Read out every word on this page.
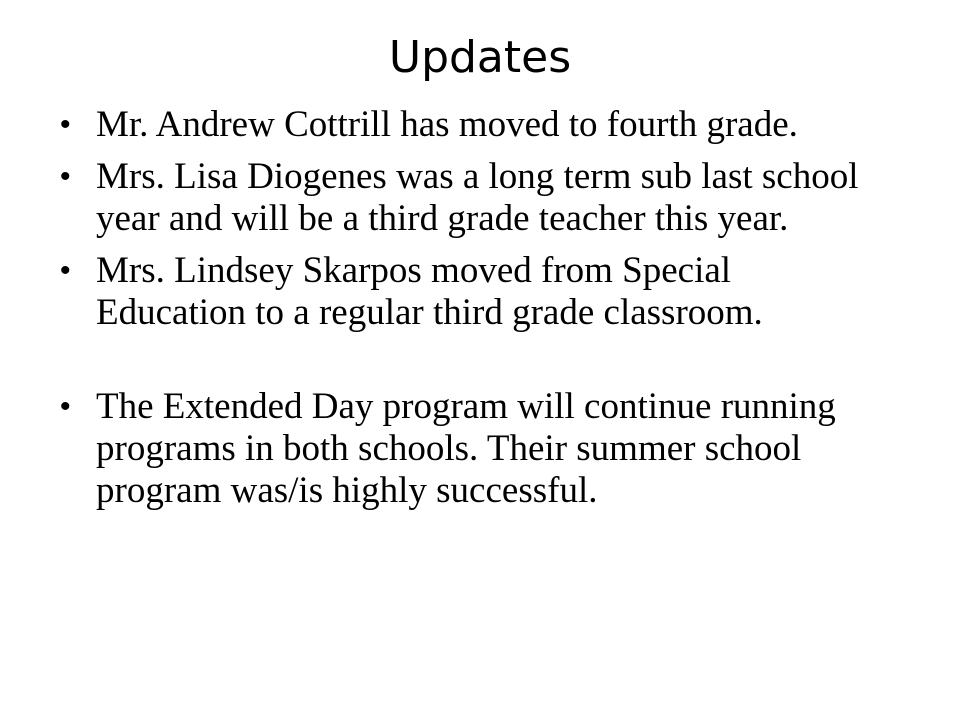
Updates
• Mr. Andrew Cottrill has moved to fourth grade.
• Mrs. Lisa Diogenes was a long term sub last school year and will be a third grade teacher this year.
• Mrs. Lindsey Skarpos moved from Special Education to a regular third grade classroom.
• The Extended Day program will continue running programs in both schools. Their summer school program was/is highly successful.
